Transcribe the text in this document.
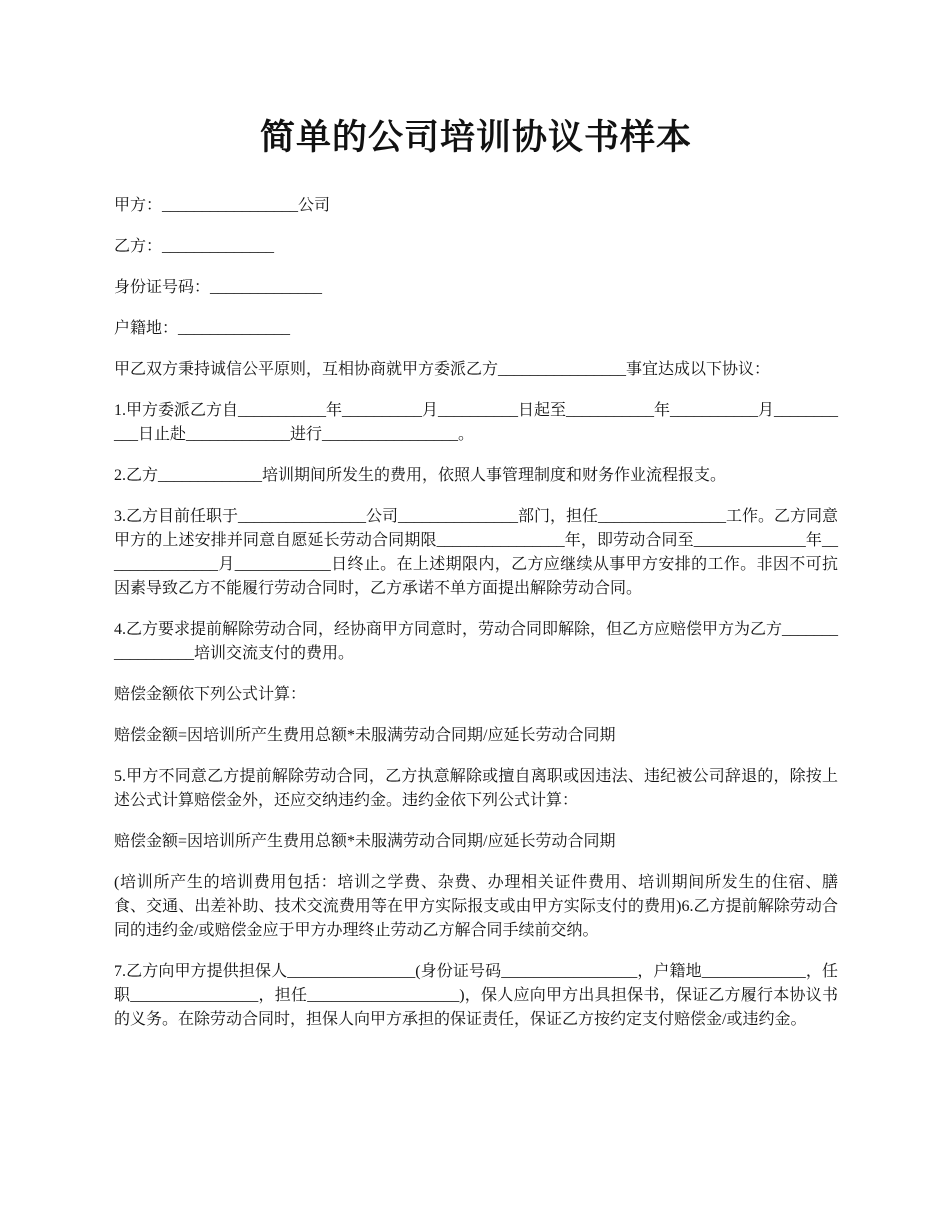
简单的公司培训协议书样本

甲方：_________________公司

乙方：______________

身份证号码：______________

户籍地：______________

甲乙双方秉持诚信公平原则，互相协商就甲方委派乙方________________事宜达成以下协议：

1.甲方委派乙方自___________年__________月__________日起至___________年___________月___________日止赴_____________进行_________________。

2.乙方_____________培训期间所发生的费用，依照人事管理制度和财务作业流程报支。

3.乙方目前任职于________________公司_______________部门，担任________________工作。乙方同意甲方的上述安排并同意自愿延长劳动合同期限________________年，即劳动合同至______________年_______________月____________日终止。在上述期限内，乙方应继续从事甲方安排的工作。非因不可抗因素导致乙方不能履行劳动合同时，乙方承诺不单方面提出解除劳动合同。

4.乙方要求提前解除劳动合同，经协商甲方同意时，劳动合同即解除，但乙方应赔偿甲方为乙方_________________培训交流支付的费用。

赔偿金额依下列公式计算：

赔偿金额=因培训所产生费用总额*未服满劳动合同期/应延长劳动合同期

5.甲方不同意乙方提前解除劳动合同，乙方执意解除或擅自离职或因违法、违纪被公司辞退的，除按上述公式计算赔偿金外，还应交纳违约金。违约金依下列公式计算：

赔偿金额=因培训所产生费用总额*未服满劳动合同期/应延长劳动合同期

(培训所产生的培训费用包括：培训之学费、杂费、办理相关证件费用、培训期间所发生的住宿、膳食、交通、出差补助、技术交流费用等在甲方实际报支或由甲方实际支付的费用)6.乙方提前解除劳动合同的违约金/或赔偿金应于甲方办理终止劳动乙方解合同手续前交纳。

7.乙方向甲方提供担保人________________(身份证号码_________________，户籍地_____________，任职________________，担任___________________)，保人应向甲方出具担保书，保证乙方履行本协议书的义务。在除劳动合同时，担保人向甲方承担的保证责任，保证乙方按约定支付赔偿金/或违约金。
